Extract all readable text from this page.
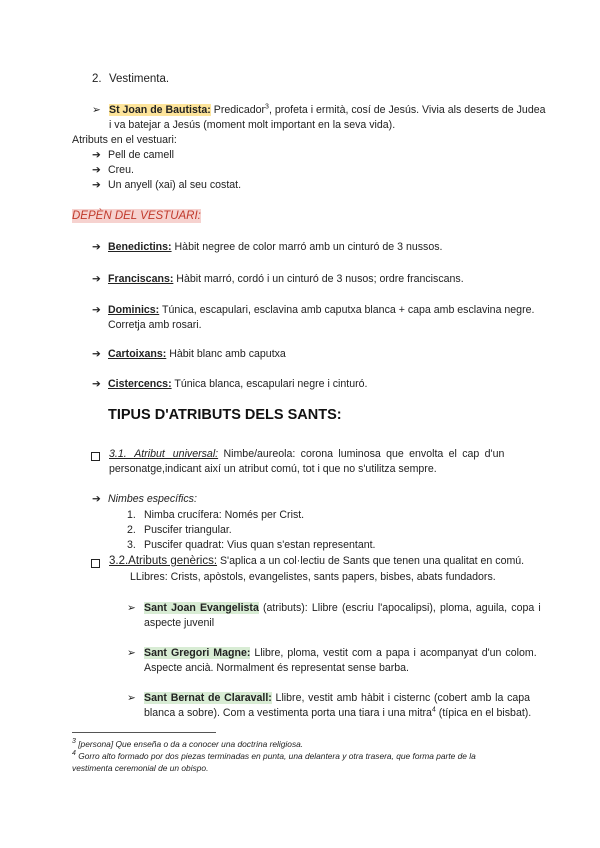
2. Vestimenta.
➢ St Joan de Bautista: Predicador$^3$, profeta i ermità, cosí de Jesús. Vivia als deserts de Judea
i va batejar a Jesús (moment molt important en la seva vida).
Atributs en el vestuari:
➔ Pell de camell
➔ Creu.
➔ Un anyell (xai) al seu costat.
DEPÈN DEL VESTUARI:
➔ Benedictins: Hàbit negree de color marró amb un cinturó de 3 nussos.
➔ Franciscans: Hàbit marró, cordó i un cinturó de 3 nusos; ordre franciscans.
➔ Dominics: Túnica, escapulari, esclavina amb caputxa blanca + capa amb esclavina negre.
Corretja amb rosari.
➔ Cartoixans: Hàbit blanc amb caputxa
➔ Cistercencs: Túnica blanca, escapulari negre i cinturó.
TIPUS D'ATRIBUTS DELS SANTS:
3.1. Atribut universal: Nimbe/aureola: corona luminosa que envolta el cap d'un
personatge,indicant així un atribut comú, tot i que no s'utilitza sempre.
➔ Nimbes específics:
1. Nimba crucífera: Només per Crist.
2. Puscifer triangular.
3. Puscifer quadrat: Vius quan s'estan representant.
3.2.Atributs genèrics: S'aplica a un col·lectiu de Sants que tenen una qualitat en comú.
LLibres: Crists, apòstols, evangelistes, sants papers, bisbes, abats fundadors.
➢ Sant Joan Evangelista (atributs): Llibre (escriu l'apocalipsi), ploma, aguila, copa i
aspecte juvenil
➢ Sant Gregori Magne: Llibre, ploma, vestit com a papa i acompanyat d'un colom.
Aspecte ancià. Normalment és representat sense barba.
➢ Sant Bernat de Claravall: Llibre, vestit amb hàbit i cisternc (cobert amb la capa
blanca a sobre). Com a vestimenta porta una tiara i una mitra$^4$ (típica en el bisbat).
$^3$ [persona] Que enseña o da a conocer una doctrina religiosa.
$^4$ Gorro alto formado por dos piezas terminadas en punta, una delantera y otra trasera, que forma parte de la
vestimenta ceremonial de un obispo.
